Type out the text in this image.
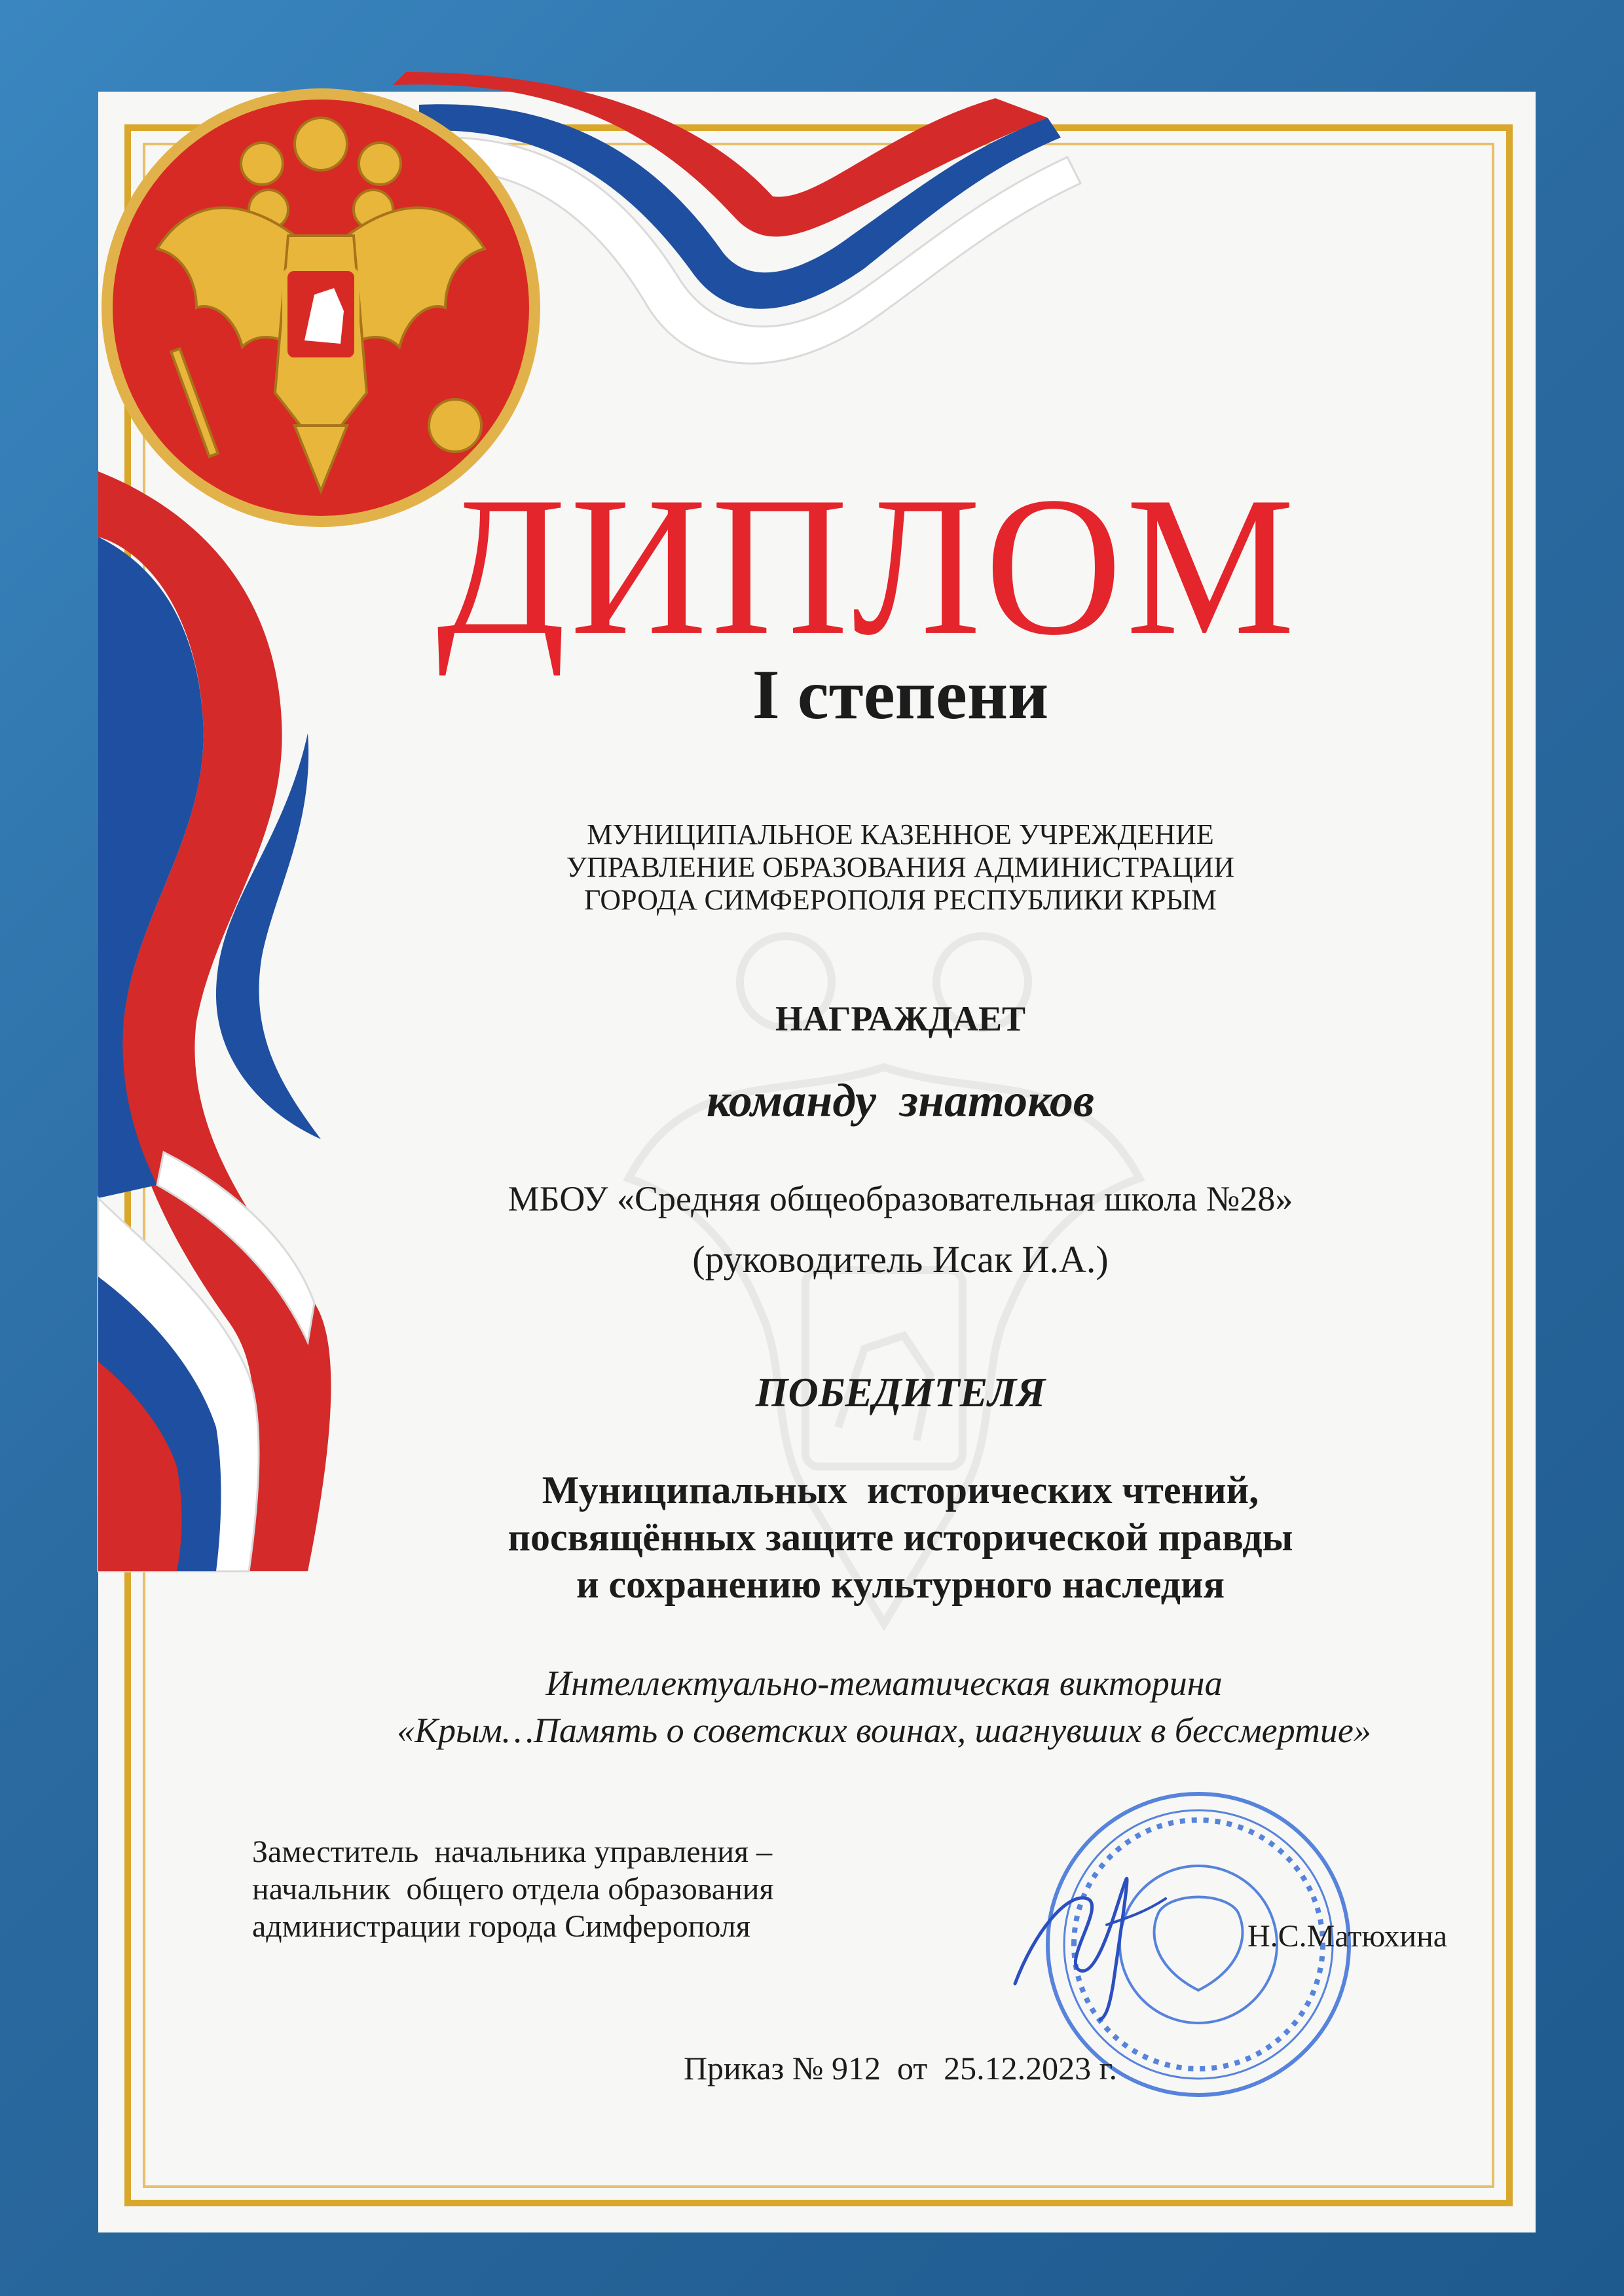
ДИПЛОМ
I степени
МУНИЦИПАЛЬНОЕ КАЗЕННОЕ УЧРЕЖДЕНИЕ
УПРАВЛЕНИЕ ОБРАЗОВАНИЯ АДМИНИСТРАЦИИ
ГОРОДА СИМФЕРОПОЛЯ РЕСПУБЛИКИ КРЫМ
НАГРАЖДАЕТ
команду  знатоков
МБОУ «Средняя общеобразовательная школа №28»
(руководитель Исак И.А.)
ПОБЕДИТЕЛЯ
Муниципальных  исторических чтений,
посвящённых защите исторической правды
и сохранению культурного наследия
Интеллектуально-тематическая викторина
«Крым…Память о советских воинах, шагнувших в бессмертие»
Заместитель  начальника управления –
начальник  общего отдела образования
администрации города Симферополя	Н.С.Матюхина
Приказ № 912  от  25.12.2023 г.
